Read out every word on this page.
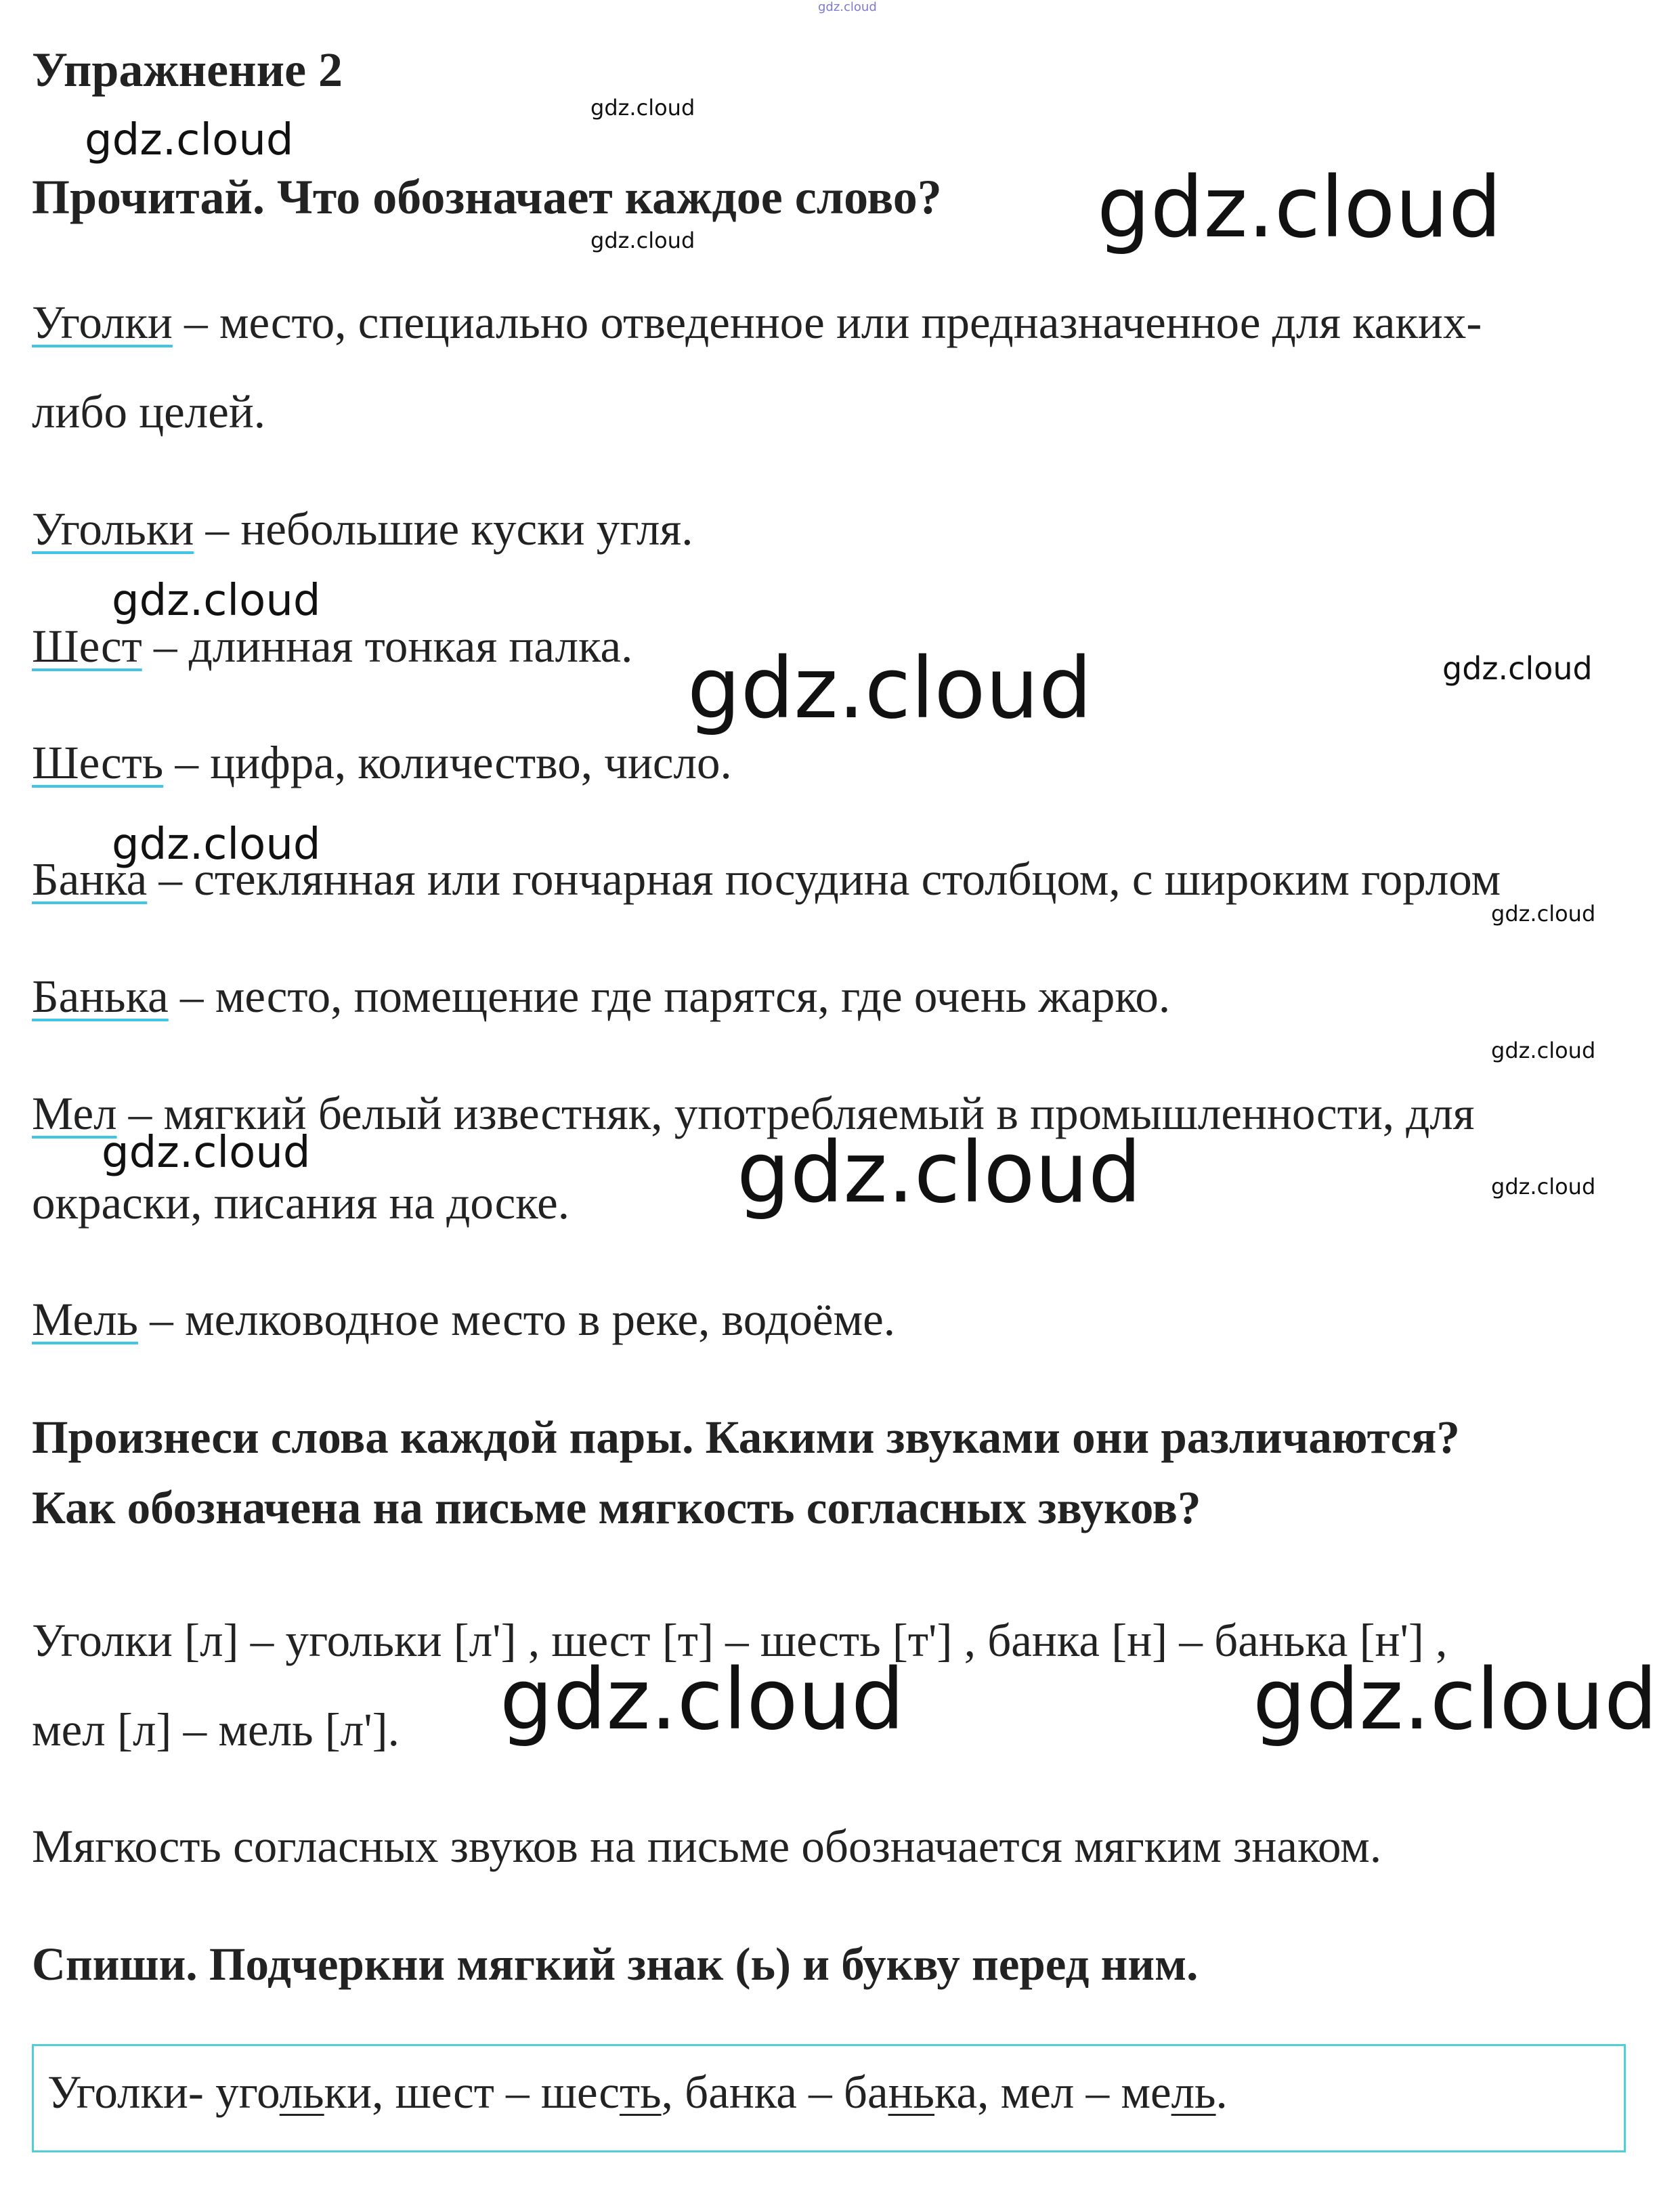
gdz.cloud
Упражнение 2
Прочитай. Что обозначает каждое слово?
Уголки – место, специально отведенное или предназначенное для каких-
либо целей.
Угольки – небольшие куски угля.
Шест – длинная тонкая палка.
Шесть – цифра, количество, число.
Банка – стеклянная или гончарная посудина столбцом, с широким горлом
Банька – место, помещение где парятся, где очень жарко.
Мел – мягкий белый известняк, употребляемый в промышленности, для
окраски, писания на доске.
Мель – мелководное место в реке, водоёме.
Произнеси слова каждой пары. Какими звуками они различаются?
Как обозначена на письме мягкость согласных звуков?
Уголки [л] – угольки [л'] , шест [т] – шесть [т'] , банка [н] – банька [н'] ,
мел [л] – мель [л'].
Мягкость согласных звуков на письме обозначается мягким знаком.
Спиши. Подчеркни мягкий знак (ь) и букву перед ним.
Уголки- угольки, шест – шесть, банка – банька, мел – мель.
gdz.cloud
gdz.cloud
gdz.cloud
gdz.cloud
gdz.cloud
gdz.cloud	gdz.cloud
gdz.cloud
gdz.cloud
gdz.cloud
gdz.cloud	gdz.cloud	gdz.cloud
gdz.cloud	gdz.cloud
